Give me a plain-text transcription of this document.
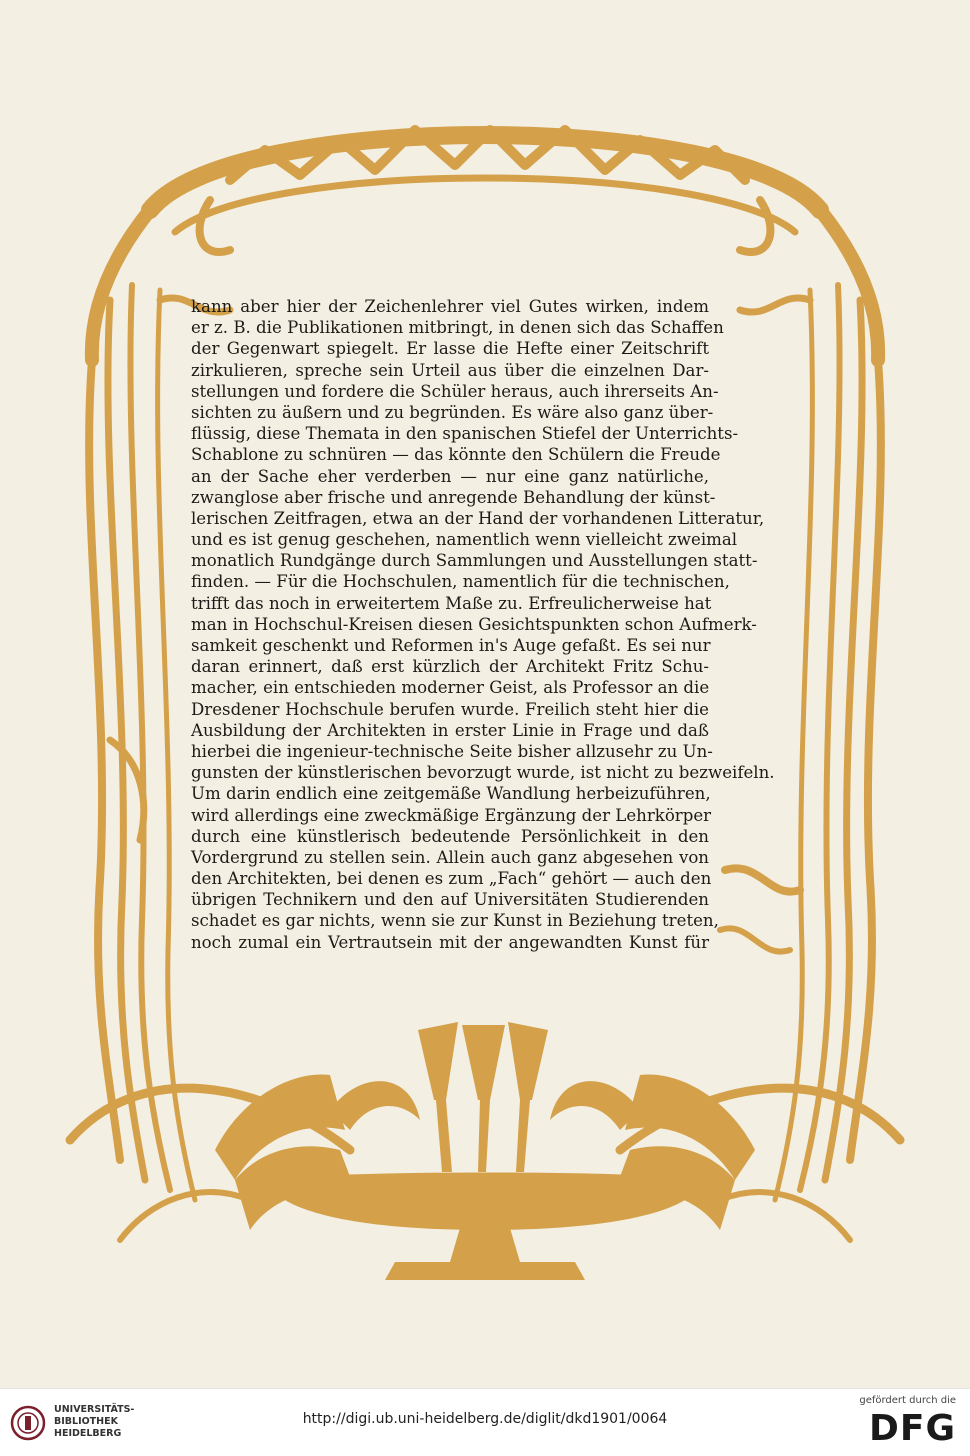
kann aber hier der Zeichenlehrer viel Gutes wirken, indem
er z. B. die Publikationen mitbringt, in denen sich das Schaffen
der Gegenwart spiegelt. Er lasse die Hefte einer Zeitschrift
zirkulieren, spreche sein Urteil aus über die einzelnen Dar-
stellungen und fordere die Schüler heraus, auch ihrerseits An-
sichten zu äußern und zu begründen. Es wäre also ganz über-
flüssig, diese Themata in den spanischen Stiefel der Unterrichts-
Schablone zu schnüren — das könnte den Schülern die Freude
an der Sache eher verderben — nur eine ganz natürliche,
zwanglose aber frische und anregende Behandlung der künst-
lerischen Zeitfragen, etwa an der Hand der vorhandenen Litteratur,
und es ist genug geschehen, namentlich wenn vielleicht zweimal
monatlich Rundgänge durch Sammlungen und Ausstellungen statt-
finden. — Für die Hochschulen, namentlich für die technischen,
trifft das noch in erweitertem Maße zu. Erfreulicherweise hat
man in Hochschul-Kreisen diesen Gesichtspunkten schon Aufmerk-
samkeit geschenkt und Reformen in's Auge gefaßt. Es sei nur
daran erinnert, daß erst kürzlich der Architekt Fritz Schu-
macher, ein entschieden moderner Geist, als Professor an die
Dresdener Hochschule berufen wurde. Freilich steht hier die
Ausbildung der Architekten in erster Linie in Frage und daß
hierbei die ingenieur-technische Seite bisher allzusehr zu Un-
gunsten der künstlerischen bevorzugt wurde, ist nicht zu bezweifeln.
Um darin endlich eine zeitgemäße Wandlung herbeizuführen,
wird allerdings eine zweckmäßige Ergänzung der Lehrkörper
durch eine künstlerisch bedeutende Persönlichkeit in den
Vordergrund zu stellen sein. Allein auch ganz abgesehen von
den Architekten, bei denen es zum „Fach“ gehört — auch den
übrigen Technikern und den auf Universitäten Studierenden
schadet es gar nichts, wenn sie zur Kunst in Beziehung treten,
noch zumal ein Vertrautsein mit der angewandten Kunst für
UNIVERSITÄTS-
BIBLIOTHEK
HEIDELBERG
http://digi.ub.uni-heidelberg.de/diglit/dkd1901/0064
gefördert durch die
DFG
